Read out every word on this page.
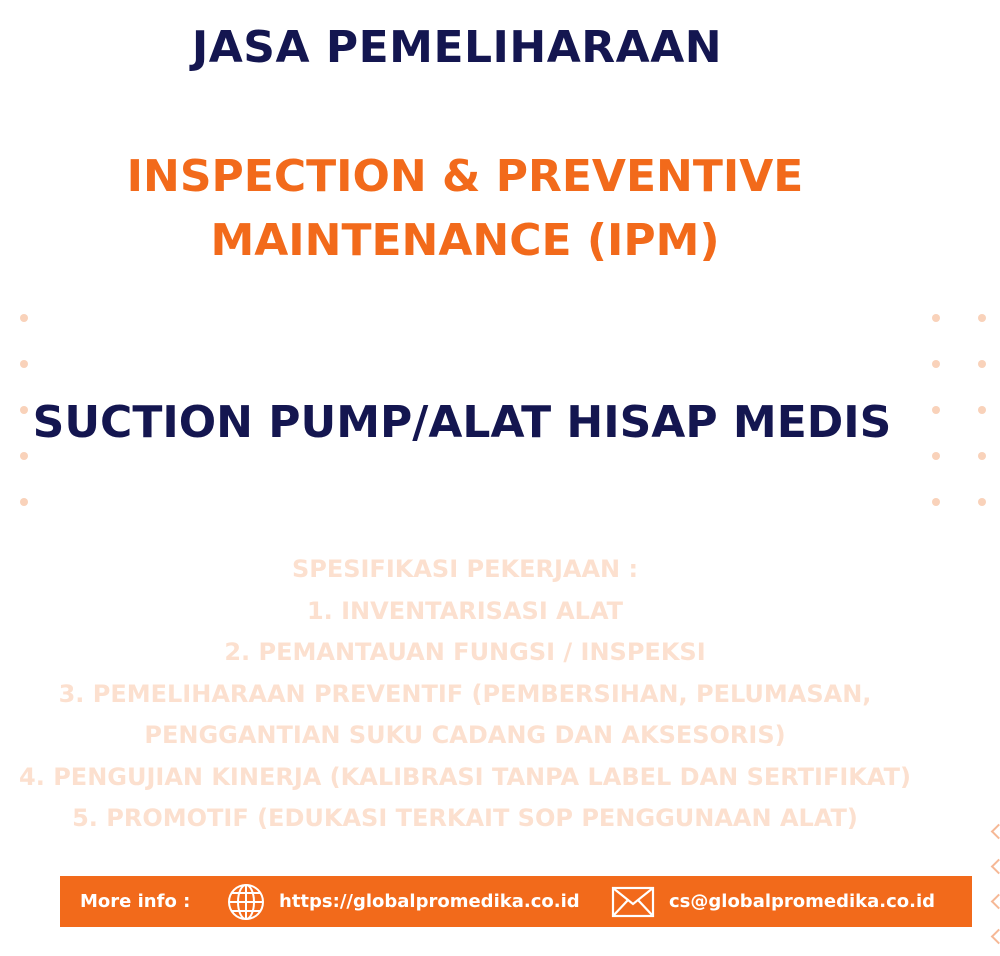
JASA PEMELIHARAAN
INSPECTION & PREVENTIVE
MAINTENANCE (IPM)
SUCTION PUMP/ALAT HISAP MEDIS
SPESIFIKASI PEKERJAAN :
1. INVENTARISASI ALAT
2. PEMANTAUAN FUNGSI / INSPEKSI
3. PEMELIHARAAN PREVENTIF (PEMBERSIHAN, PELUMASAN,
PENGGANTIAN SUKU CADANG DAN AKSESORIS)
4. PENGUJIAN KINERJA (KALIBRASI TANPA LABEL DAN SERTIFIKAT)
5. PROMOTIF (EDUKASI TERKAIT SOP PENGGUNAAN ALAT)
More info :	https://globalpromedika.co.id	cs@globalpromedika.co.id
